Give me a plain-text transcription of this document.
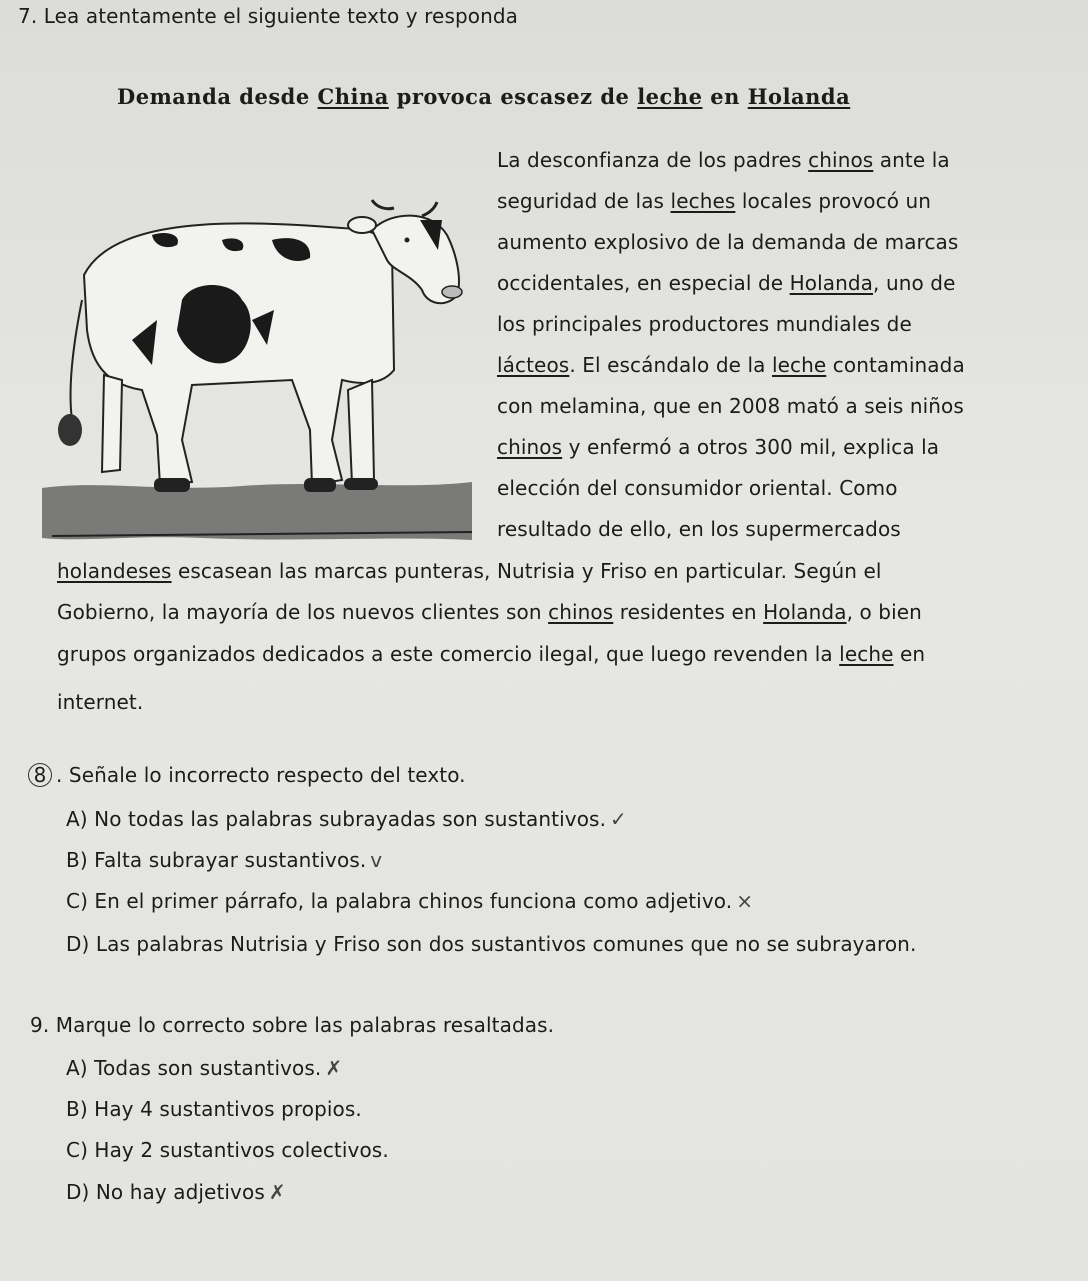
7. Lea atentamente el siguiente texto y responda
Demanda desde China provoca escasez de leche en Holanda
La desconfianza de los padres chinos ante la
seguridad de las leches locales provocó un
aumento explosivo de la demanda de marcas
occidentales, en especial de Holanda, uno de
los principales productores mundiales de
lácteos. El escándalo de la leche contaminada
con melamina, que en 2008 mató a seis niños
chinos y enfermó a otros 300 mil, explica la
elección del consumidor oriental. Como
resultado de ello, en los supermercados
holandeses escasean las marcas punteras, Nutrisia y Friso en particular. Según el
Gobierno, la mayoría de los nuevos clientes son chinos residentes en Holanda, o bien
grupos organizados dedicados a este comercio ilegal, que luego revenden la leche en
internet.
8 . Señale lo incorrecto respecto del texto.
A) No todas las palabras subrayadas son sustantivos. ✓
B) Falta subrayar sustantivos. v
C) En el primer párrafo, la palabra chinos funciona como adjetivo. ×
D) Las palabras Nutrisia y Friso son dos sustantivos comunes que no se subrayaron.
9. Marque lo correcto sobre las palabras resaltadas.
A) Todas son sustantivos. ✗
B) Hay 4 sustantivos propios.
C) Hay 2 sustantivos colectivos.
D) No hay adjetivos ✗
